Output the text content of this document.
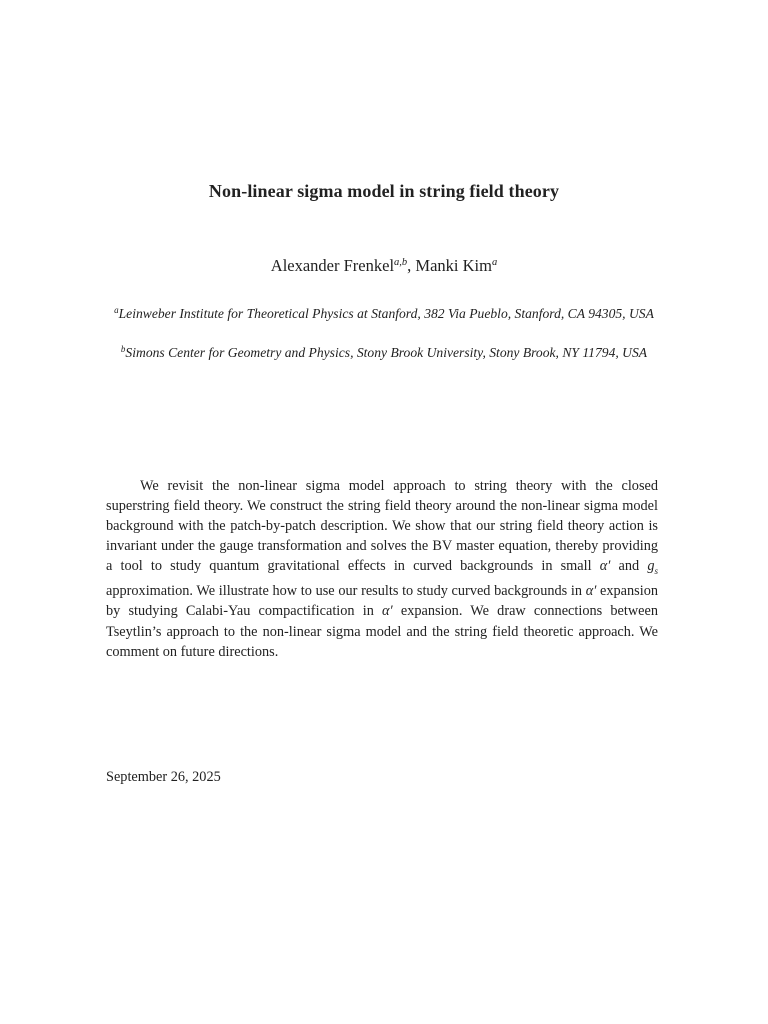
Non-linear sigma model in string field theory
Alexander Frenkel$^{a,b}$, Manki Kim$^a$
$^a$Leinweber Institute for Theoretical Physics at Stanford, 382 Via Pueblo, Stanford, CA 94305, USA
$^b$Simons Center for Geometry and Physics, Stony Brook University, Stony Brook, NY 11794, USA

We revisit the non-linear sigma model approach to string theory with the closed superstring field theory. We construct the string field theory around the non-linear sigma model background with the patch-by-patch description. We show that our string field theory action is invariant under the gauge transformation and solves the BV master equation, thereby providing a tool to study quantum gravitational effects in curved backgrounds in small α′ and $g_s$ approximation. We illustrate how to use our results to study curved backgrounds in α′ expansion by studying Calabi-Yau compactification in α′ expansion. We draw connections between Tseytlin’s approach to the non-linear sigma model and the string field theoretic approach. We comment on future directions.

September 26, 2025
